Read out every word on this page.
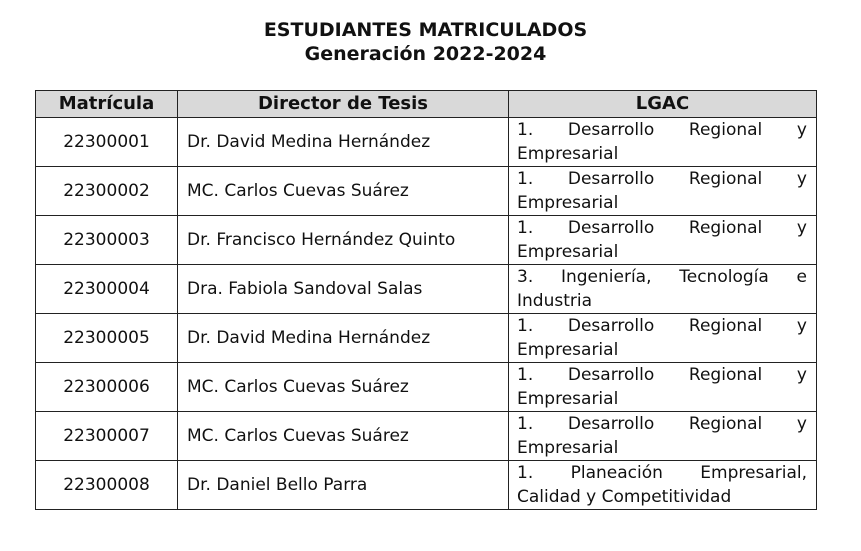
ESTUDIANTES MATRICULADOS
Generación 2022-2024
Matrícula	Director de Tesis	LGAC
22300001	Dr. David Medina Hernández	1. Desarrollo Regional y Empresarial
22300002	MC. Carlos Cuevas Suárez	1. Desarrollo Regional y Empresarial
22300003	Dr. Francisco Hernández Quinto	1. Desarrollo Regional y Empresarial
22300004	Dra. Fabiola Sandoval Salas	3. Ingeniería, Tecnología e Industria
22300005	Dr. David Medina Hernández	1. Desarrollo Regional y Empresarial
22300006	MC. Carlos Cuevas Suárez	1. Desarrollo Regional y Empresarial
22300007	MC. Carlos Cuevas Suárez	1. Desarrollo Regional y Empresarial
22300008	Dr. Daniel Bello Parra	1. Planeación Empresarial, Calidad y Competitividad
